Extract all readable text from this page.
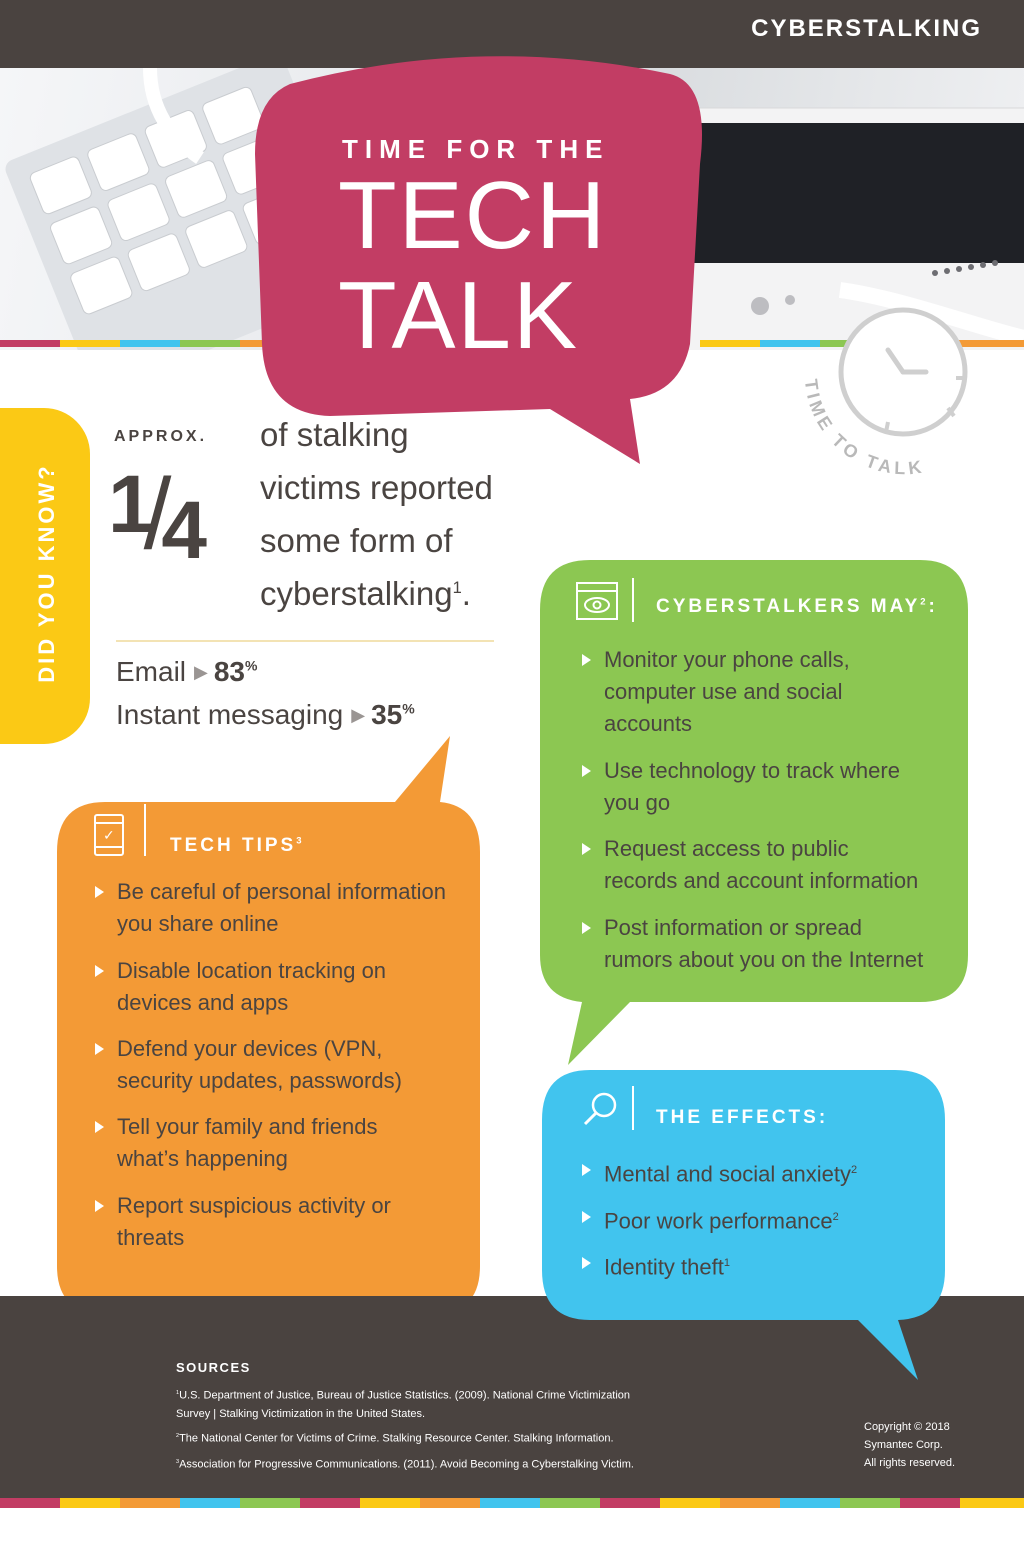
CYBERSTALKING
TIME FOR THE
TECH
TALK
TIME TO TALK
DID YOU KNOW?
APPROX.
1/4
of stalking
victims reported
some form of
cyberstalking$^1$.
Email ▶ 83%
Instant messaging ▶ 35%
CYBERSTALKERS MAY$^2$:
Monitor your phone calls,
computer use and social
accounts
Use technology to track where
you go
Request access to public
records and account information
Post information or spread
rumors about you on the Internet
✓	TECH TIPS$^3$
Be careful of personal information
you share online
Disable location tracking on
devices and apps
Defend your devices (VPN,
security updates, passwords)
Tell your family and friends
what’s happening
Report suspicious activity or
threats
THE EFFECTS:
Mental and social anxiety$^2$
Poor work performance$^2$
Identity theft$^1$
SOURCES
$^1$U.S. Department of Justice, Bureau of Justice Statistics. (2009). National Crime Victimization
Survey | Stalking Victimization in the United States.
$^2$The National Center for Victims of Crime. Stalking Resource Center. Stalking Information.
$^3$Association for Progressive Communications. (2011). Avoid Becoming a Cyberstalking Victim.
Copyright © 2018
Symantec Corp.
All rights reserved.
